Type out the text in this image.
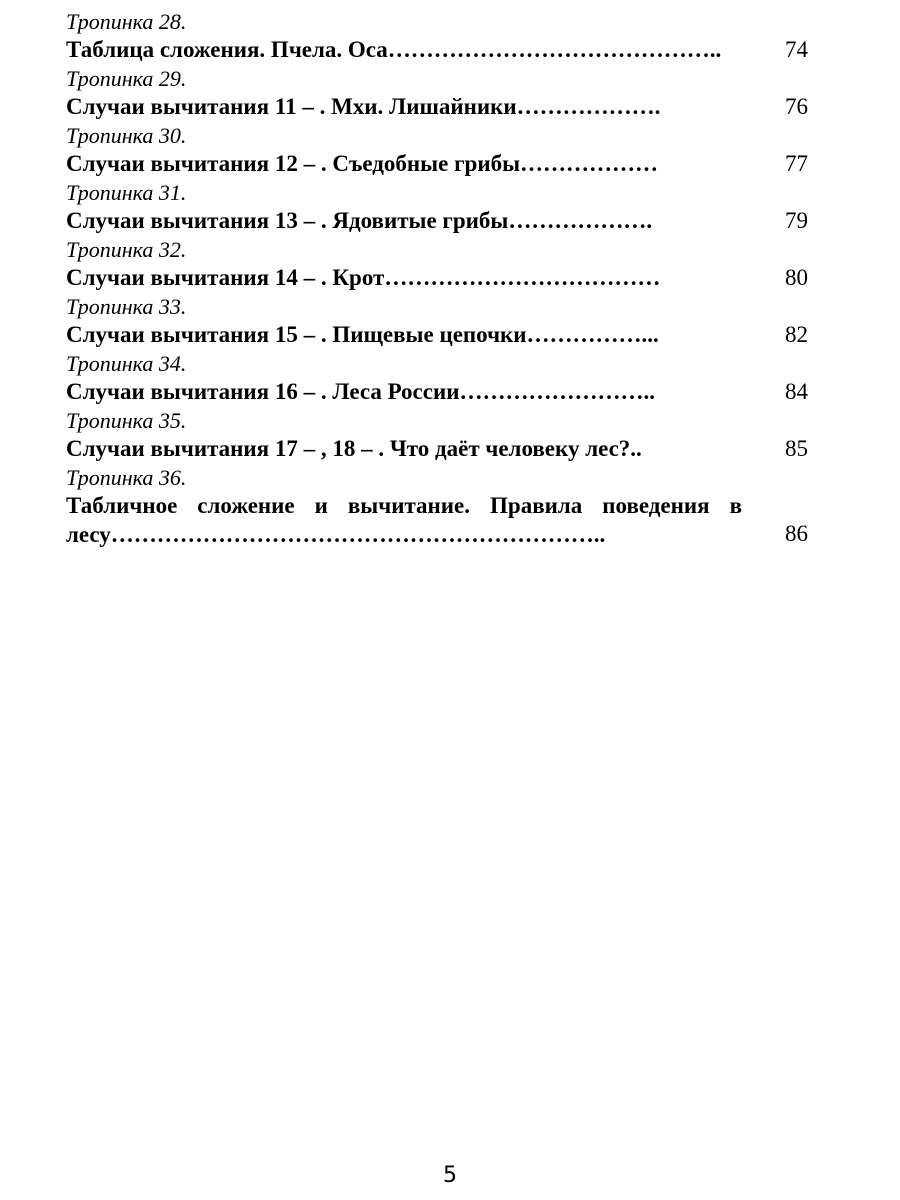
Тропинка 28.
Таблица сложения. Пчела. Оса……………………………………..	74
Тропинка 29.
Случаи вычитания 11 – . Мхи. Лишайники……………….	76
Тропинка 30.
Случаи вычитания 12 – . Съедобные грибы………………	77
Тропинка 31.
Случаи вычитания 13 – . Ядовитые грибы……………….	79
Тропинка 32.
Случаи вычитания 14 – . Крот………………………………	80
Тропинка 33.
Случаи вычитания 15 – . Пищевые цепочки……………...	82
Тропинка 34.
Случаи вычитания 16 – . Леса России……………………..	84
Тропинка 35.
Случаи вычитания 17 – , 18 – . Что даёт человеку лес?..	85
Тропинка 36.
Табличное сложение и вычитание. Правила поведения в лесу………………………………………………………..	86
5
